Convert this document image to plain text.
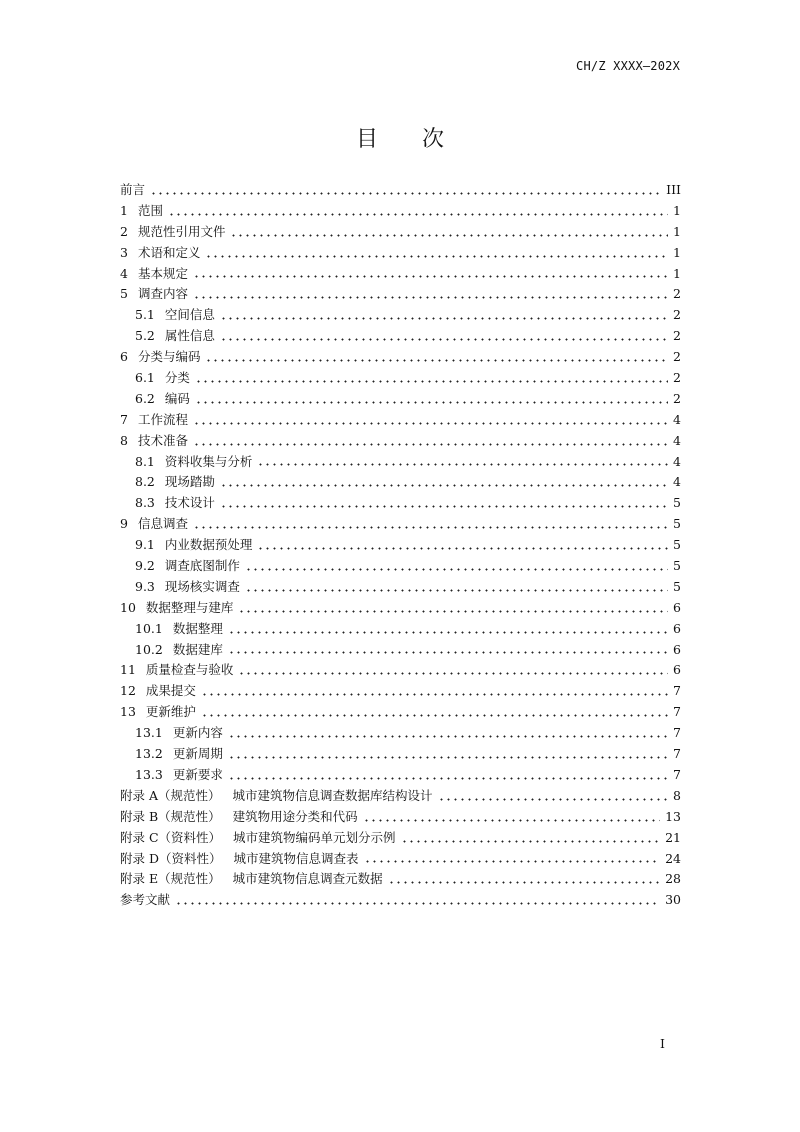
CH/Z XXXX—202X
目 次
前言	III
1 范围	1
2 规范性引用文件	1
3 术语和定义	1
4 基本规定	1
5 调查内容	2
5.1 空间信息	2
5.2 属性信息	2
6 分类与编码	2
6.1 分类	2
6.2 编码	2
7 工作流程	4
8 技术准备	4
8.1 资料收集与分析	4
8.2 现场踏勘	4
8.3 技术设计	5
9 信息调查	5
9.1 内业数据预处理	5
9.2 调查底图制作	5
9.3 现场核实调查	5
10 数据整理与建库	6
10.1 数据整理	6
10.2 数据建库	6
11 质量检查与验收	6
12 成果提交	7
13 更新维护	7
13.1 更新内容	7
13.2 更新周期	7
13.3 更新要求	7
附录 A（规范性） 城市建筑物信息调查数据库结构设计	8
附录 B（规范性） 建筑物用途分类和代码	13
附录 C（资料性） 城市建筑物编码单元划分示例	21
附录 D（资料性） 城市建筑物信息调查表	24
附录 E（规范性） 城市建筑物信息调查元数据	28
参考文献	30
I
